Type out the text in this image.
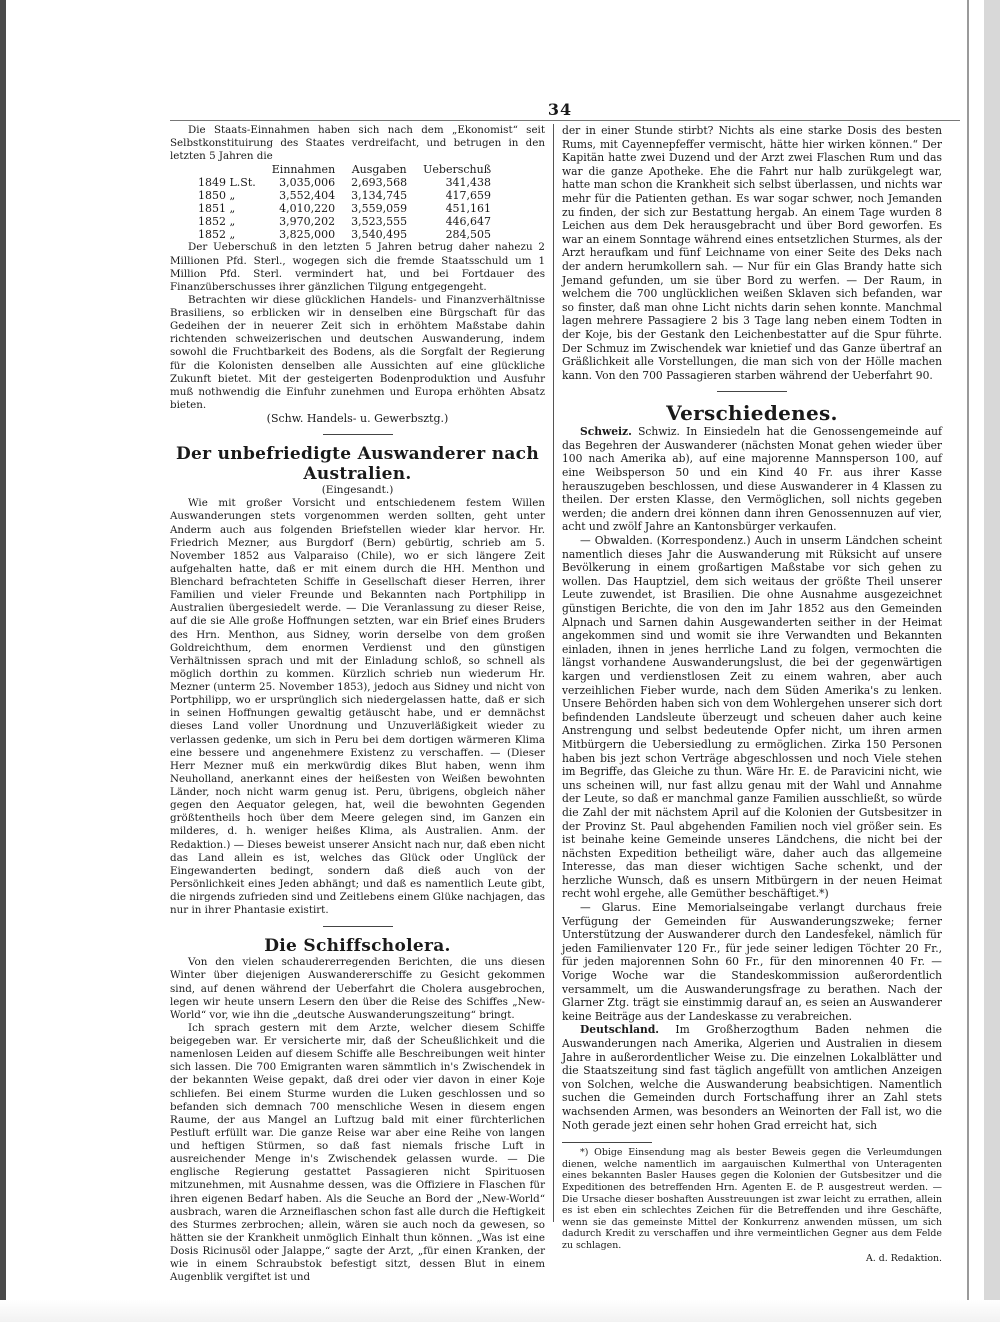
34

Die Staats-Einnahmen haben sich nach dem „Ekonomist“ seit Selbstkonstituirung des Staates verdreifacht, und betrugen in den letzten 5 Jahren die

	Einnahmen	Ausgaben	Ueberschuß
1849 L.St.	3,035,006	2,693,568	341,438
1850 „	3,552,404	3,134,745	417,659
1851 „	4,010,220	3,559,059	451,161
1852 „	3,970,202	3,523,555	446,647
1852 „	3,825,000	3,540,495	284,505

Der Ueberschuß in den letzten 5 Jahren betrug daher nahezu 2 Millionen Pfd. Sterl., wogegen sich die fremde Staatsschuld um 1 Million Pfd. Sterl. vermindert hat, und bei Fortdauer des Finanzüberschusses ihrer gänzlichen Tilgung entgegengeht.

Betrachten wir diese glücklichen Handels- und Finanzverhältnisse Brasiliens, so erblicken wir in denselben eine Bürgschaft für das Gedeihen der in neuerer Zeit sich in erhöhtem Maßstabe dahin richtenden schweizerischen und deutschen Auswanderung, indem sowohl die Fruchtbarkeit des Bodens, als die Sorgfalt der Regierung für die Kolonisten denselben alle Aussichten auf eine glückliche Zukunft bietet. Mit der gesteigerten Bodenproduktion und Ausfuhr muß nothwendig die Einfuhr zunehmen und Europa erhöhten Absatz bieten.

(Schw. Handels- u. Gewerbsztg.)

Der unbefriedigte Auswanderer nach Australien.

(Eingesandt.)

Wie mit großer Vorsicht und entschiedenem festem Willen Auswanderungen stets vorgenommen werden sollten, geht unter Anderm auch aus folgenden Briefstellen wieder klar hervor. Hr. Friedrich Mezner, aus Burgdorf (Bern) gebürtig, schrieb am 5. November 1852 aus Valparaiso (Chile), wo er sich längere Zeit aufgehalten hatte, daß er mit einem durch die HH. Menthon und Blenchard befrachteten Schiffe in Gesellschaft dieser Herren, ihrer Familien und vieler Freunde und Bekannten nach Portphilipp in Australien übergesiedelt werde. — Die Veranlassung zu dieser Reise, auf die sie Alle große Hoffnungen setzten, war ein Brief eines Bruders des Hrn. Menthon, aus Sidney, worin derselbe von dem großen Goldreichthum, dem enormen Verdienst und den günstigen Verhältnissen sprach und mit der Einladung schloß, so schnell als möglich dorthin zu kommen. Kürzlich schrieb nun wiederum Hr. Mezner (unterm 25. November 1853), jedoch aus Sidney und nicht von Portphilipp, wo er ursprünglich sich niedergelassen hatte, daß er sich in seinen Hoffnungen gewaltig getäuscht habe, und er demnächst dieses Land voller Unordnung und Unzuverläßigkeit wieder zu verlassen gedenke, um sich in Peru bei dem dortigen wärmeren Klima eine bessere und angenehmere Existenz zu verschaffen. — (Dieser Herr Mezner muß ein merkwürdig dikes Blut haben, wenn ihm Neuholland, anerkannt eines der heißesten von Weißen bewohnten Länder, noch nicht warm genug ist. Peru, übrigens, obgleich näher gegen den Aequator gelegen, hat, weil die bewohnten Gegenden größtentheils hoch über dem Meere gelegen sind, im Ganzen ein milderes, d. h. weniger heißes Klima, als Australien. Anm. der Redaktion.) — Dieses beweist unserer Ansicht nach nur, daß eben nicht das Land allein es ist, welches das Glück oder Unglück der Eingewanderten bedingt, sondern daß dieß auch von der Persönlichkeit eines Jeden abhängt; und daß es namentlich Leute gibt, die nirgends zufrieden sind und Zeitlebens einem Glüke nachjagen, das nur in ihrer Phantasie existirt.

Die Schiffscholera.

Von den vielen schaudererregenden Berichten, die uns diesen Winter über diejenigen Auswandererschiffe zu Gesicht gekommen sind, auf denen während der Ueberfahrt die Cholera ausgebrochen, legen wir heute unsern Lesern den über die Reise des Schiffes „New-World“ vor, wie ihn die „deutsche Auswanderungszeitung“ bringt.

Ich sprach gestern mit dem Arzte, welcher diesem Schiffe beigegeben war. Er versicherte mir, daß der Scheußlichkeit und die namenlosen Leiden auf diesem Schiffe alle Beschreibungen weit hinter sich lassen. Die 700 Emigranten waren sämmtlich in's Zwischendek in der bekannten Weise gepakt, daß drei oder vier davon in einer Koje schliefen. Bei einem Sturme wurden die Luken geschlossen und so befanden sich demnach 700 menschliche Wesen in diesem engen Raume, der aus Mangel an Luftzug bald mit einer fürchterlichen Pestluft erfüllt war. Die ganze Reise war aber eine Reihe von langen und heftigen Stürmen, so daß fast niemals frische Luft in ausreichender Menge in's Zwischendek gelassen wurde. — Die englische Regierung gestattet Passagieren nicht Spirituosen mitzunehmen, mit Ausnahme dessen, was die Offiziere in Flaschen für ihren eigenen Bedarf haben. Als die Seuche an Bord der „New-World“ ausbrach, waren die Arzneiflaschen schon fast alle durch die Heftigkeit des Sturmes zerbrochen; allein, wären sie auch noch da gewesen, so hätten sie der Krankheit unmöglich Einhalt thun können. „Was ist eine Dosis Ricinusöl oder Jalappe,“ sagte der Arzt, „für einen Kranken, der wie in einem Schraubstok befestigt sitzt, dessen Blut in einem Augenblik vergiftet ist und

der in einer Stunde stirbt? Nichts als eine starke Dosis des besten Rums, mit Cayennepfeffer vermischt, hätte hier wirken können.“ Der Kapitän hatte zwei Duzend und der Arzt zwei Flaschen Rum und das war die ganze Apotheke. Ehe die Fahrt nur halb zurükgelegt war, hatte man schon die Krankheit sich selbst überlassen, und nichts war mehr für die Patienten gethan. Es war sogar schwer, noch Jemanden zu finden, der sich zur Bestattung hergab. An einem Tage wurden 8 Leichen aus dem Dek herausgebracht und über Bord geworfen. Es war an einem Sonntage während eines entsetzlichen Sturmes, als der Arzt heraufkam und fünf Leichname von einer Seite des Deks nach der andern herumkollern sah. — Nur für ein Glas Brandy hatte sich Jemand gefunden, um sie über Bord zu werfen. — Der Raum, in welchem die 700 unglücklichen weißen Sklaven sich befanden, war so finster, daß man ohne Licht nichts darin sehen konnte. Manchmal lagen mehrere Passagiere 2 bis 3 Tage lang neben einem Todten in der Koje, bis der Gestank den Leichenbestatter auf die Spur führte. Der Schmuz im Zwischendek war knietief und das Ganze übertraf an Gräßlichkeit alle Vorstellungen, die man sich von der Hölle machen kann. Von den 700 Passagieren starben während der Ueberfahrt 90.

Verschiedenes.

Schweiz. Schwiz. In Einsiedeln hat die Genossengemeinde auf das Begehren der Auswanderer (nächsten Monat gehen wieder über 100 nach Amerika ab), auf eine majorenne Mannsperson 100, auf eine Weibsperson 50 und ein Kind 40 Fr. aus ihrer Kasse herauszugeben beschlossen, und diese Auswanderer in 4 Klassen zu theilen. Der ersten Klasse, den Vermöglichen, soll nichts gegeben werden; die andern drei können dann ihren Genossennuzen auf vier, acht und zwölf Jahre an Kantonsbürger verkaufen.

— Obwalden. (Korrespondenz.) Auch in unserm Ländchen scheint namentlich dieses Jahr die Auswanderung mit Rüksicht auf unsere Bevölkerung in einem großartigen Maßstabe vor sich gehen zu wollen. Das Hauptziel, dem sich weitaus der größte Theil unserer Leute zuwendet, ist Brasilien. Die ohne Ausnahme ausgezeichnet günstigen Berichte, die von den im Jahr 1852 aus den Gemeinden Alpnach und Sarnen dahin Ausgewanderten seither in der Heimat angekommen sind und womit sie ihre Verwandten und Bekannten einladen, ihnen in jenes herrliche Land zu folgen, vermochten die längst vorhandene Auswanderungslust, die bei der gegenwärtigen kargen und verdienstlosen Zeit zu einem wahren, aber auch verzeihlichen Fieber wurde, nach dem Süden Amerika's zu lenken. Unsere Behörden haben sich von dem Wohlergehen unserer sich dort befindenden Landsleute überzeugt und scheuen daher auch keine Anstrengung und selbst bedeutende Opfer nicht, um ihren armen Mitbürgern die Uebersiedlung zu ermöglichen. Zirka 150 Personen haben bis jezt schon Verträge abgeschlossen und noch Viele stehen im Begriffe, das Gleiche zu thun. Wäre Hr. E. de Paravicini nicht, wie uns scheinen will, nur fast allzu genau mit der Wahl und Annahme der Leute, so daß er manchmal ganze Familien ausschließt, so würde die Zahl der mit nächstem April auf die Kolonien der Gutsbesitzer in der Provinz St. Paul abgehenden Familien noch viel größer sein. Es ist beinahe keine Gemeinde unseres Ländchens, die nicht bei der nächsten Expedition betheiligt wäre, daher auch das allgemeine Interesse, das man dieser wichtigen Sache schenkt, und der herzliche Wunsch, daß es unsern Mitbürgern in der neuen Heimat recht wohl ergehe, alle Gemüther beschäftiget.*)

— Glarus. Eine Memorialseingabe verlangt durchaus freie Verfügung der Gemeinden für Auswanderungszweke; ferner Unterstützung der Auswanderer durch den Landesfekel, nämlich für jeden Familienvater 120 Fr., für jede seiner ledigen Töchter 20 Fr., für jeden majorennen Sohn 60 Fr., für den minorennen 40 Fr. — Vorige Woche war die Standeskommission außerordentlich versammelt, um die Auswanderungsfrage zu berathen. Nach der Glarner Ztg. trägt sie einstimmig darauf an, es seien an Auswanderer keine Beiträge aus der Landeskasse zu verabreichen.

Deutschland. Im Großherzogthum Baden nehmen die Auswanderungen nach Amerika, Algerien und Australien in diesem Jahre in außerordentlicher Weise zu. Die einzelnen Lokalblätter und die Staatszeitung sind fast täglich angefüllt von amtlichen Anzeigen von Solchen, welche die Auswanderung beabsichtigen. Namentlich suchen die Gemeinden durch Fortschaffung ihrer an Zahl stets wachsenden Armen, was besonders an Weinorten der Fall ist, wo die Noth gerade jezt einen sehr hohen Grad erreicht hat, sich

*) Obige Einsendung mag als bester Beweis gegen die Verleumdungen dienen, welche namentlich im aargauischen Kulmerthal von Unteragenten eines bekannten Basler Hauses gegen die Kolonien der Gutsbesitzer und die Expeditionen des betreffenden Hrn. Agenten E. de P. ausgestreut werden. — Die Ursache dieser boshaften Ausstreuungen ist zwar leicht zu errathen, allein es ist eben ein schlechtes Zeichen für die Betreffenden und ihre Geschäfte, wenn sie das gemeinste Mittel der Konkurrenz anwenden müssen, um sich dadurch Kredit zu verschaffen und ihre vermeintlichen Gegner aus dem Felde zu schlagen.

A. d. Redaktion.
